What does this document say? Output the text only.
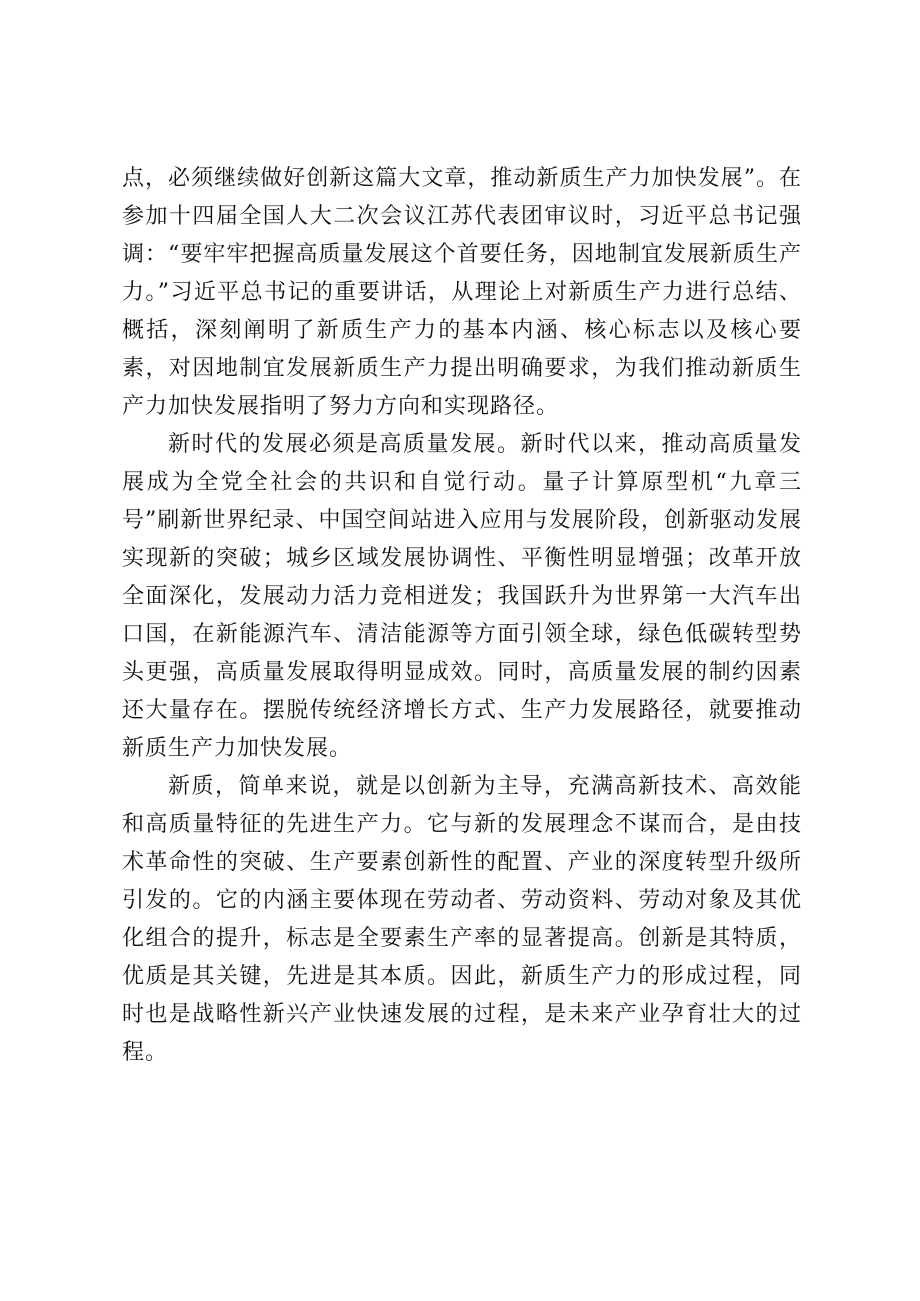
点，必须继续做好创新这篇大文章，推动新质生产力加快发展”。在参加十四届全国人大二次会议江苏代表团审议时，习近平总书记强调：“要牢牢把握高质量发展这个首要任务，因地制宜发展新质生产力。”习近平总书记的重要讲话，从理论上对新质生产力进行总结、概括，深刻阐明了新质生产力的基本内涵、核心标志以及核心要素，对因地制宜发展新质生产力提出明确要求，为我们推动新质生产力加快发展指明了努力方向和实现路径。

新时代的发展必须是高质量发展。新时代以来，推动高质量发展成为全党全社会的共识和自觉行动。量子计算原型机“九章三号”刷新世界纪录、中国空间站进入应用与发展阶段，创新驱动发展实现新的突破；城乡区域发展协调性、平衡性明显增强；改革开放全面深化，发展动力活力竞相迸发；我国跃升为世界第一大汽车出口国，在新能源汽车、清洁能源等方面引领全球，绿色低碳转型势头更强，高质量发展取得明显成效。同时，高质量发展的制约因素还大量存在。摆脱传统经济增长方式、生产力发展路径，就要推动新质生产力加快发展。

新质，简单来说，就是以创新为主导，充满高新技术、高效能和高质量特征的先进生产力。它与新的发展理念不谋而合，是由技术革命性的突破、生产要素创新性的配置、产业的深度转型升级所引发的。它的内涵主要体现在劳动者、劳动资料、劳动对象及其优化组合的提升，标志是全要素生产率的显著提高。创新是其特质，优质是其关键，先进是其本质。因此，新质生产力的形成过程，同时也是战略性新兴产业快速发展的过程，是未来产业孕育壮大的过程。
